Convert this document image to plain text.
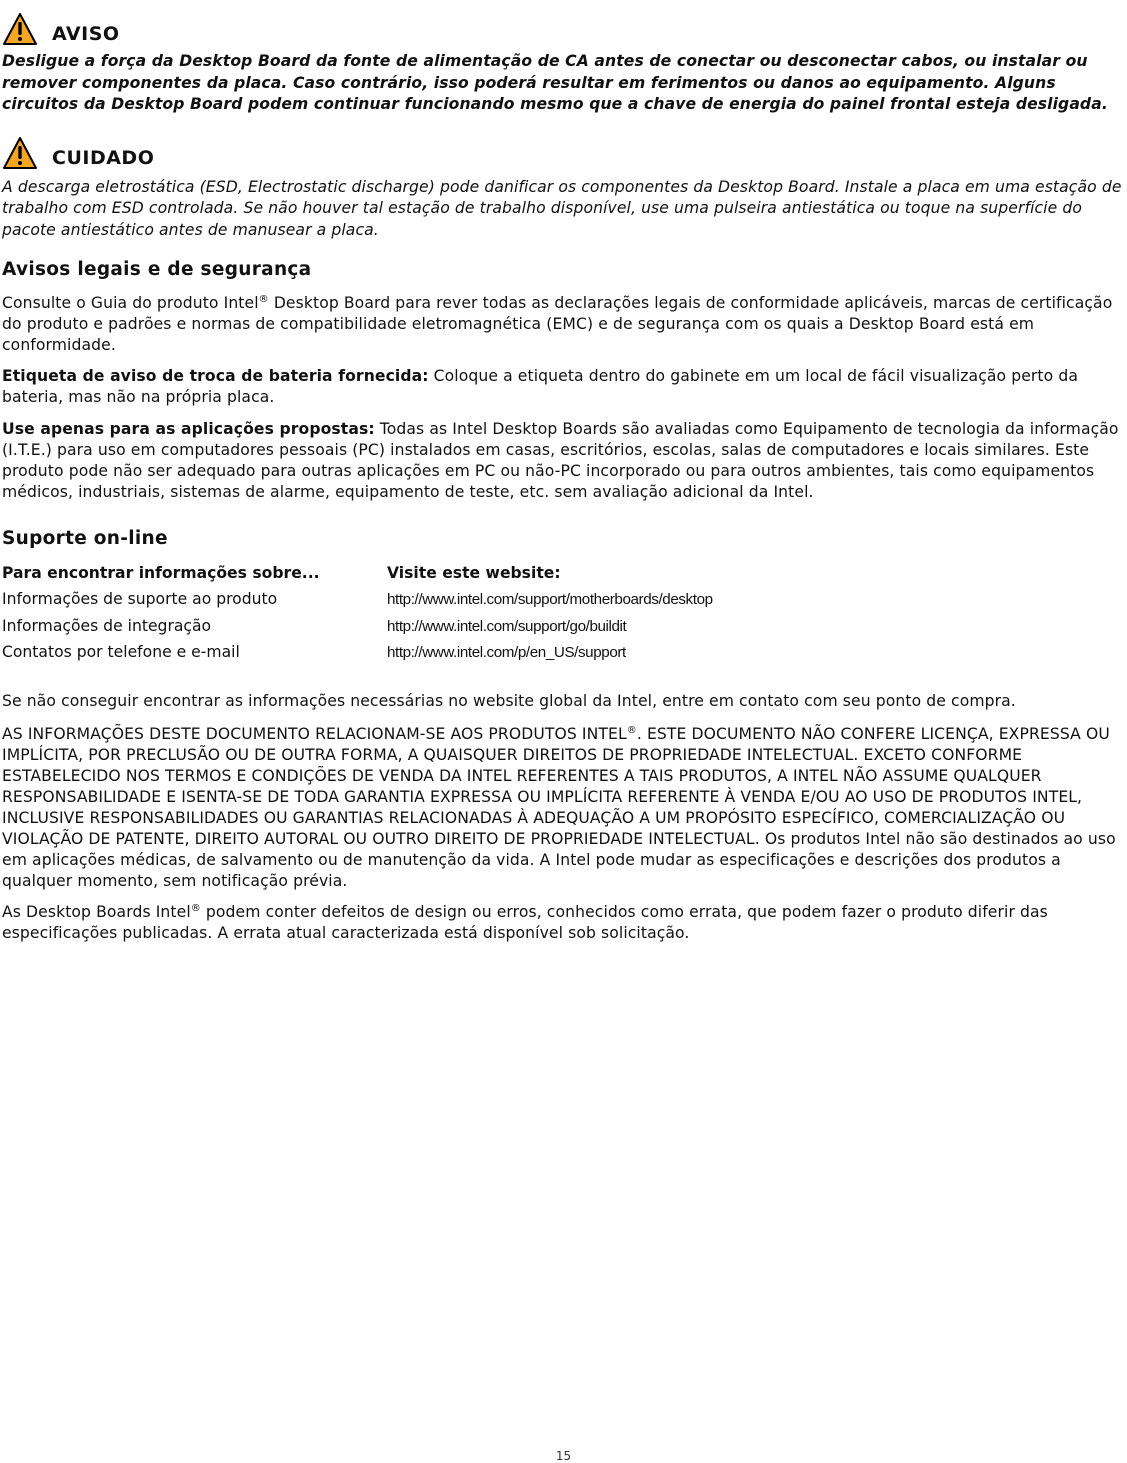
AVISO

Desligue a força da Desktop Board da fonte de alimentação de CA antes de conectar ou desconectar cabos, ou instalar ou remover componentes da placa. Caso contrário, isso poderá resultar em ferimentos ou danos ao equipamento. Alguns circuitos da Desktop Board podem continuar funcionando mesmo que a chave de energia do painel frontal esteja desligada.

CUIDADO

A descarga eletrostática (ESD, Electrostatic discharge) pode danificar os componentes da Desktop Board. Instale a placa em uma estação de trabalho com ESD controlada. Se não houver tal estação de trabalho disponível, use uma pulseira antiestática ou toque na superfície do pacote antiestático antes de manusear a placa.

Avisos legais e de segurança

Consulte o Guia do produto Intel® Desktop Board para rever todas as declarações legais de conformidade aplicáveis, marcas de certificação do produto e padrões e normas de compatibilidade eletromagnética (EMC) e de segurança com os quais a Desktop Board está em conformidade.

Etiqueta de aviso de troca de bateria fornecida: Coloque a etiqueta dentro do gabinete em um local de fácil visualização perto da bateria, mas não na própria placa.

Use apenas para as aplicações propostas: Todas as Intel Desktop Boards são avaliadas como Equipamento de tecnologia da informação (I.T.E.) para uso em computadores pessoais (PC) instalados em casas, escritórios, escolas, salas de computadores e locais similares. Este produto pode não ser adequado para outras aplicações em PC ou não-PC incorporado ou para outros ambientes, tais como equipamentos médicos, industriais, sistemas de alarme, equipamento de teste, etc. sem avaliação adicional da Intel.

Suporte on-line
Para encontrar informações sobre...	Visite este website:
Informações de suporte ao produto	http://www.intel.com/support/motherboards/desktop
Informações de integração	http://www.intel.com/support/go/buildit
Contatos por telefone e e-mail	http://www.intel.com/p/en_US/support

Se não conseguir encontrar as informações necessárias no website global da Intel, entre em contato com seu ponto de compra.

AS INFORMAÇÕES DESTE DOCUMENTO RELACIONAM-SE AOS PRODUTOS INTEL®. ESTE DOCUMENTO NÃO CONFERE LICENÇA, EXPRESSA OU IMPLÍCITA, POR PRECLUSÃO OU DE OUTRA FORMA, A QUAISQUER DIREITOS DE PROPRIEDADE INTELECTUAL. EXCETO CONFORME ESTABELECIDO NOS TERMOS E CONDIÇÕES DE VENDA DA INTEL REFERENTES A TAIS PRODUTOS, A INTEL NÃO ASSUME QUALQUER RESPONSABILIDADE E ISENTA-SE DE TODA GARANTIA EXPRESSA OU IMPLÍCITA REFERENTE À VENDA E/OU AO USO DE PRODUTOS INTEL, INCLUSIVE RESPONSABILIDADES OU GARANTIAS RELACIONADAS À ADEQUAÇÃO A UM PROPÓSITO ESPECÍFICO, COMERCIALIZAÇÃO OU VIOLAÇÃO DE PATENTE, DIREITO AUTORAL OU OUTRO DIREITO DE PROPRIEDADE INTELECTUAL. Os produtos Intel não são destinados ao uso em aplicações médicas, de salvamento ou de manutenção da vida. A Intel pode mudar as especificações e descrições dos produtos a qualquer momento, sem notificação prévia.

As Desktop Boards Intel® podem conter defeitos de design ou erros, conhecidos como errata, que podem fazer o produto diferir das especificações publicadas. A errata atual caracterizada está disponível sob solicitação.

15
